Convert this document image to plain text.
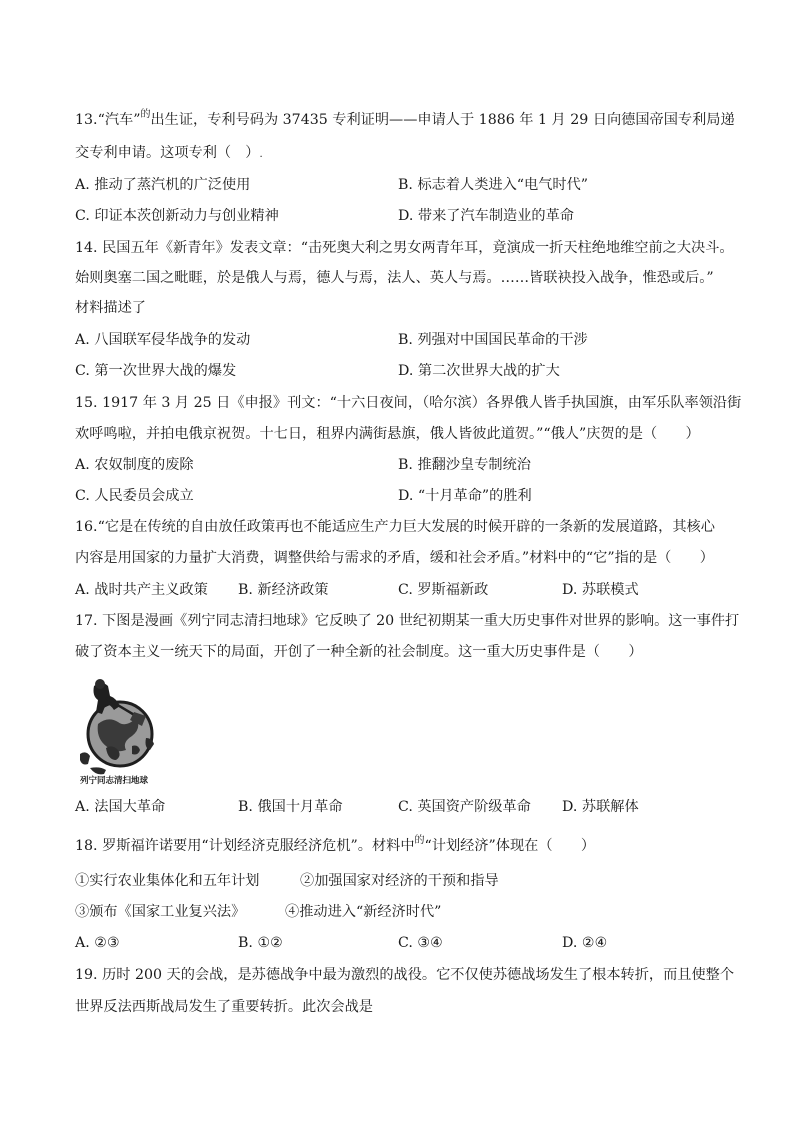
13.“汽车”$^的$出生证，专利号码为 37435 专利证明——申请人于 1886 年 1 月 29 日向德国帝国专利局递
交专利申请。这项专利（　）.
A. 推动了蒸汽机的广泛使用	B. 标志着人类进入“电气时代”
C. 印证本茨创新动力与创业精神	D. 带来了汽车制造业的革命
14. 民国五年《新青年》发表文章：“击死奥大利之男女两青年耳，竟演成一折天柱绝地维空前之大决斗。
始则奥塞二国之毗睚，於是俄人与焉，德人与焉，法人、英人与焉。……皆联袂投入战争，惟恐或后。”
材料描述了
A. 八国联军侵华战争的发动	B. 列强对中国国民革命的干涉
C. 第一次世界大战的爆发	D. 第二次世界大战的扩大
15. 1917 年 3 月 25 日《申报》刊文：“十六日夜间，（哈尔滨）各界俄人皆手执国旗，由军乐队率领沿街
欢呼鸣啦，并拍电俄京祝贺。十七日，租界内满街悬旗，俄人皆彼此道贺。”“俄人”庆贺的是（　　）
A. 农奴制度的废除	B. 推翻沙皇专制统治
C. 人民委员会成立	D. “十月革命”的胜利
16.“它是在传统的自由放任政策再也不能适应生产力巨大发展的时候开辟的一条新的发展道路，其核心
内容是用国家的力量扩大消费，调整供给与需求的矛盾，缓和社会矛盾。”材料中的“它”指的是（　　）
A. 战时共产主义政策 B. 新经济政策	C. 罗斯福新政	D. 苏联模式
17. 下图是漫画《列宁同志清扫地球》它反映了 20 世纪初期某一重大历史事件对世界的影响。这一事件打
破了资本主义一统天下的局面，开创了一种全新的社会制度。这一重大历史事件是（　　）
列宁同志清扫地球
A. 法国大革命	B. 俄国十月革命	C. 英国资产阶级革命 D. 苏联解体
18. 罗斯福许诺要用“计划经济克服经济危机”。材料中$^的$“计划经济”体现在（　　）
①实行农业集体化和五年计划	②加强国家对经济的干预和指导
③颁布《国家工业复兴法》	④推动进入“新经济时代”
A. ②③	B. ①②	C. ③④	D. ②④
19. 历时 200 天的会战，是苏德战争中最为激烈的战役。它不仅使苏德战场发生了根本转折，而且使整个
世界反法西斯战局发生了重要转折。此次会战是
